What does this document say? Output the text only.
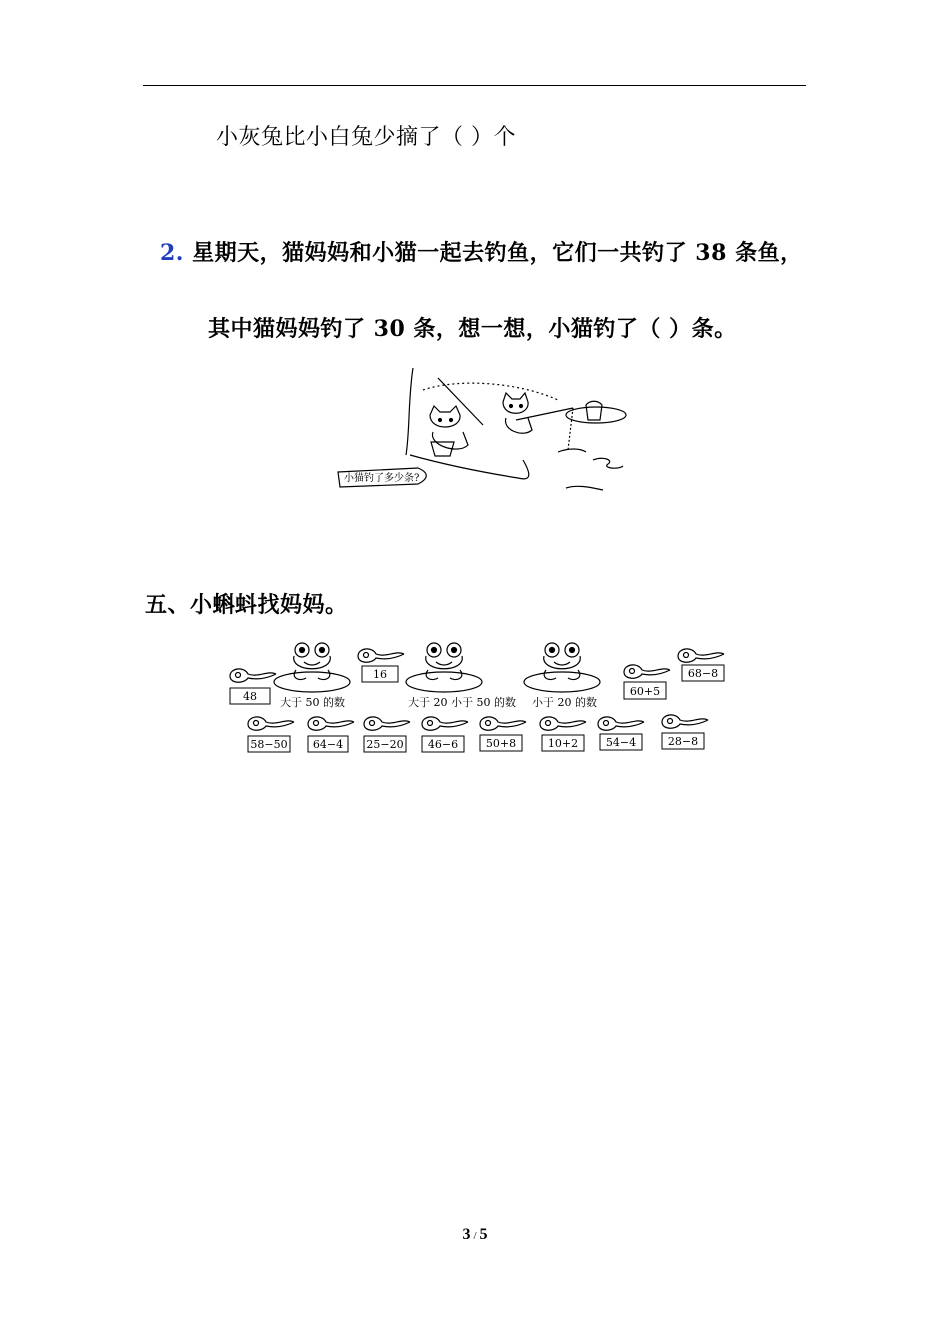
小灰兔比小白兔少摘了（ ）个
2. 星期天，猫妈妈和小猫一起去钓鱼，它们一共钓了 38 条鱼，
其中猫妈妈钓了 30 条，想一想，小猫钓了（ ）条。
小猫钓了多少条?
五、小蝌蚪找妈妈。
大于 50 的数	大于 20 小于 50 的数 小于 20 的数
48
16
60+5
68−8
58−50 64−4 25−20 46−6	50+8	10+2	54−4	28−8
3 / 5
